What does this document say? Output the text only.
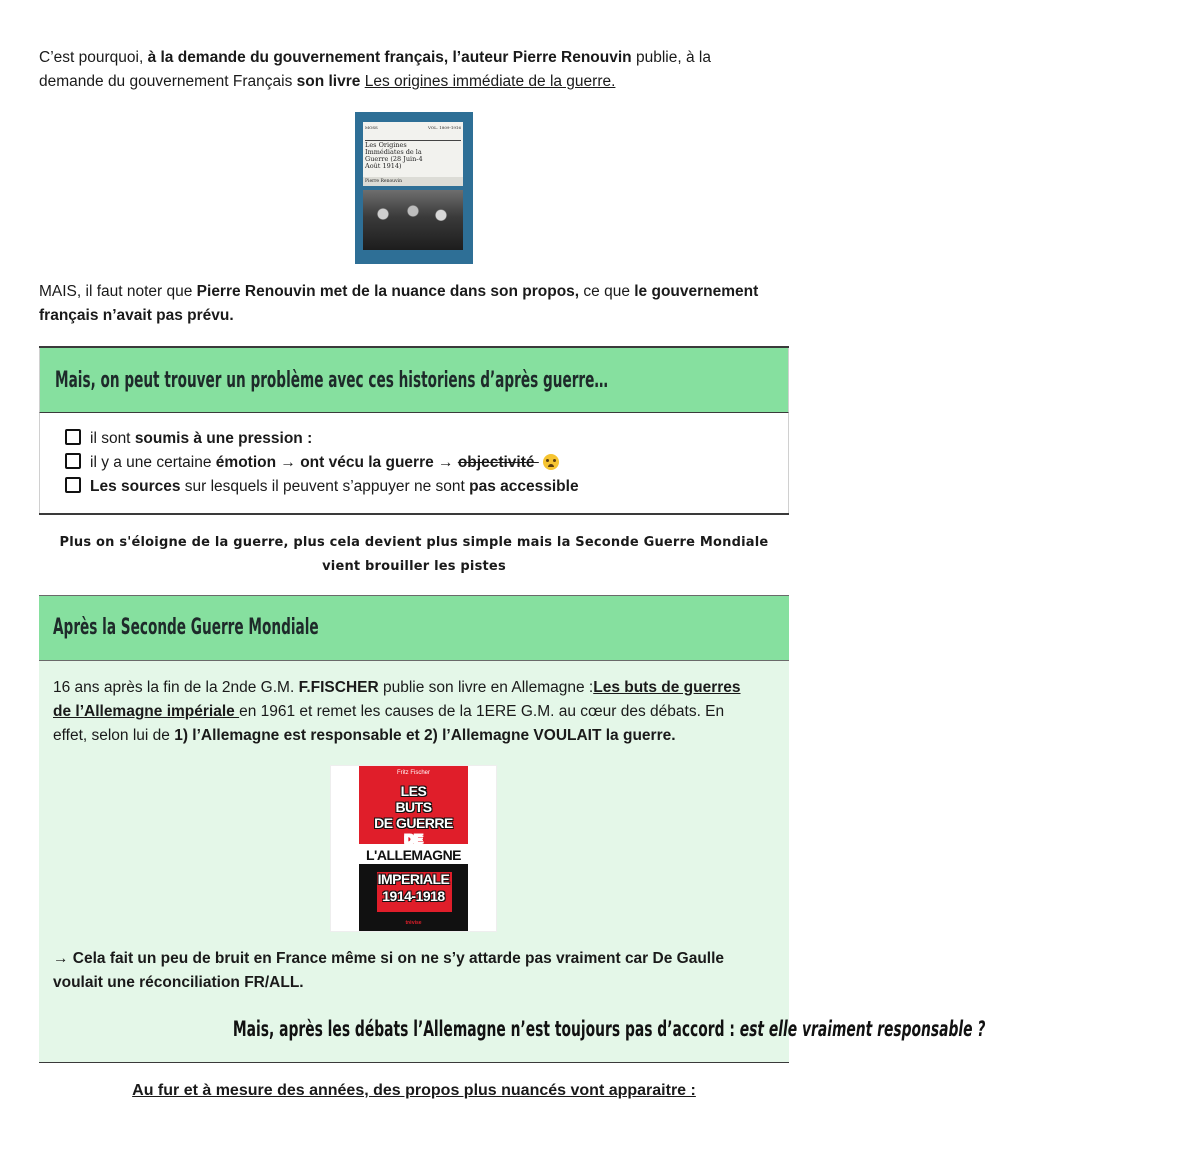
C’est pourquoi, à la demande du gouvernement français, l’auteur Pierre Renouvin publie, à la
demande du gouvernement Français son livre Les origines immédiate de la guerre.

MOSS	VOL. 1809-1916
Les Origines
Immédiates de la
Guerre (28 Juin-4
Août 1914)
Pierre Renouvin

MAIS, il faut noter que Pierre Renouvin met de la nuance dans son propos, ce que le gouvernement
français n’avait pas prévu.

Mais, on peut trouver un problème avec ces historiens d’après guerre…
il sont soumis à une pression :
il y a une certaine émotion → ont vécu la guerre → objectivité
Les sources sur lesquels il peuvent s’appuyer ne sont pas accessible
Plus on s'éloigne de la guerre, plus cela devient plus simple mais la Seconde Guerre Mondiale
vient brouiller les pistes
Après la Seconde Guerre Mondiale

16 ans après la fin de la 2nde G.M. F.FISCHER publie son livre en Allemagne :Les buts de guerres
de l’Allemagne impériale en 1961 et remet les causes de la 1ERE G.M. au cœur des débats. En
effet, selon lui de 1) l’Allemagne est responsable et 2) l’Allemagne VOULAIT la guerre.

Fritz Fischer
LES
BUTS
DE GUERRE
DE
L'ALLEMAGNE
IMPERIALE
1914-1918
trévise

→ Cela fait un peu de bruit en France même si on ne s’y attarde pas vraiment car De Gaulle
voulait une réconciliation FR/ALL.

Mais, après les débats l’Allemagne n’est toujours pas d’accord : est elle vraiment responsable ?
Au fur et à mesure des années, des propos plus nuancés vont apparaitre :
